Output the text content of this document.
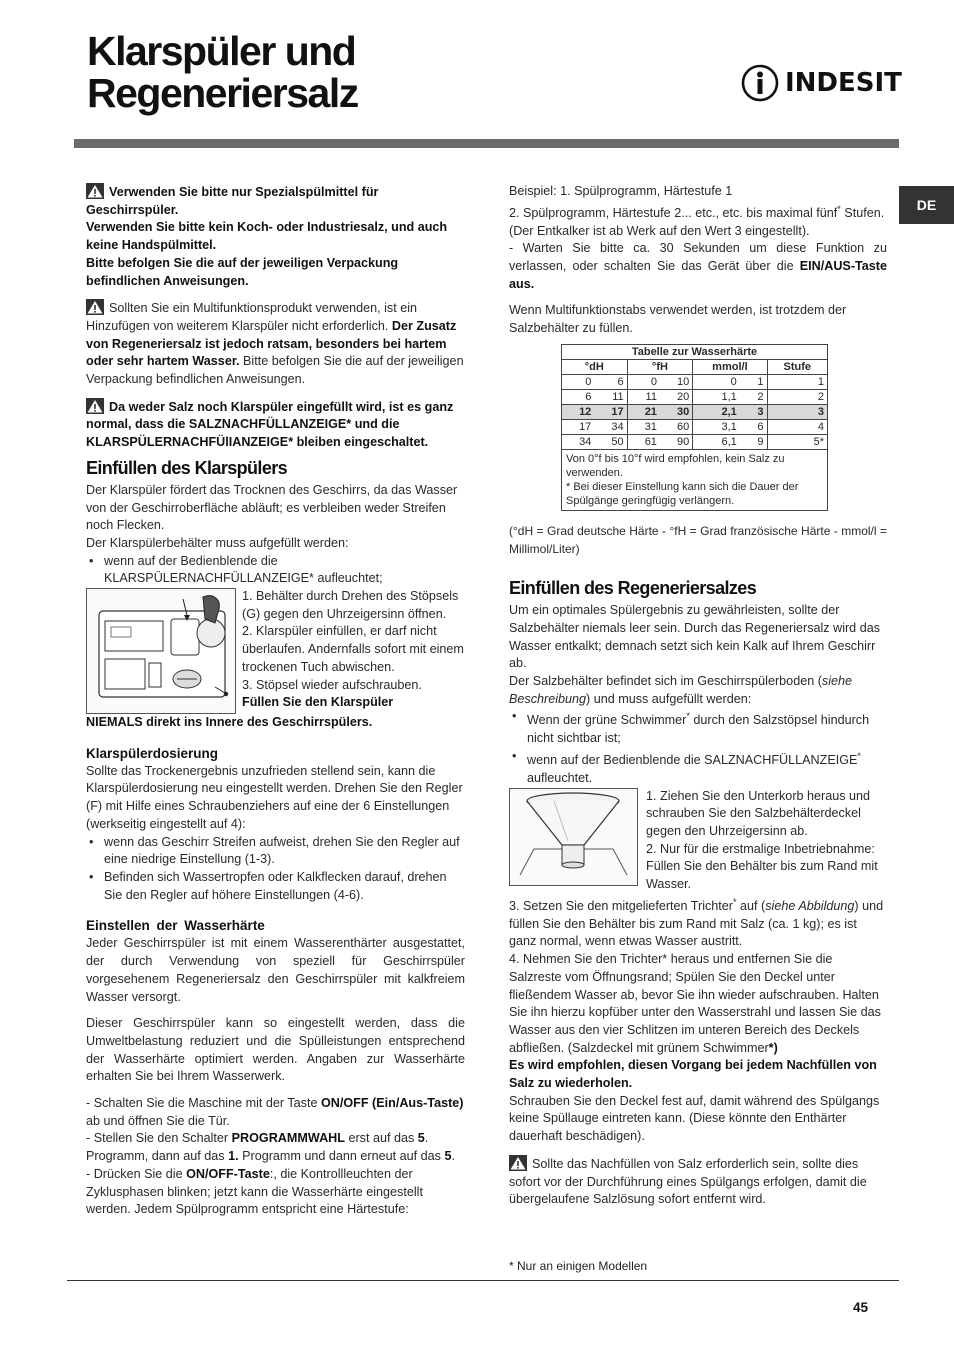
Klarspüler und
Regeneriersalz	INDESIT
DE

Verwenden Sie bitte nur Spezialspülmittel für Geschirrspüler.
Verwenden Sie bitte kein Koch- oder Industriesalz, und auch keine Handspülmittel.
Bitte befolgen Sie die auf der jeweiligen Verpackung befindlichen Anweisungen.

Sollten Sie ein Multifunktionsprodukt verwenden, ist ein Hinzufügen von weiterem Klarspüler nicht erforderlich. Der Zusatz von Regeneriersalz ist jedoch ratsam, besonders bei hartem oder sehr hartem Wasser. Bitte befolgen Sie die auf der jeweiligen Verpackung befindlichen Anweisungen.

Da weder Salz noch Klarspüler eingefüllt wird, ist es ganz normal, dass die SALZNACHFÜLLANZEIGE* und die KLARSPÜLERNACHFÜlIANZEIGE* bleiben eingeschaltet.

Einfüllen des Klarspülers

Der Klarspüler fördert das Trocknen des Geschirrs, da das Wasser von der Geschirroberfläche abläuft; es verbleiben weder Streifen noch Flecken.

Der Klarspülerbehälter muss aufgefüllt werden:

• wenn auf der Bedienblende die KLARSPÜLERNACHFÜLLANZEIGE* aufleuchtet;

1. Behälter durch Drehen des Stöpsels (G) gegen den Uhrzeigersinn öffnen.

2. Klarspüler einfüllen, er darf nicht überlaufen. Andernfalls sofort mit einem trockenen Tuch abwischen.

3. Stöpsel wieder aufschrauben.

Füllen Sie den Klarspüler

NIEMALS direkt ins Innere des Geschirrspülers.

Klarspülerdosierung

Sollte das Trockenergebnis unzufrieden stellend sein, kann die Klarspülerdosierung neu eingestellt werden. Drehen Sie den Regler (F) mit Hilfe eines Schraubenziehers auf eine der 6 Einstellungen (werkseitig eingestellt auf 4):

• wenn das Geschirr Streifen aufweist, drehen Sie den Regler auf eine niedrige Einstellung (1-3).
• Befinden sich Wassertropfen oder Kalkflecken darauf, drehen Sie den Regler auf höhere Einstellungen (4-6).
Einstellen der Wasserhärte

Jeder Geschirrspüler ist mit einem Wasserenthärter ausgestattet, der durch Verwendung von speziell für Geschirrspüler vorgesehenem Regeneriersalz den Geschirrspüler mit kalkfreiem Wasser versorgt.

Dieser Geschirrspüler kann so eingestellt werden, dass die Umweltbelastung reduziert und die Spülleistungen entsprechend der Wasserhärte optimiert werden. Angaben zur Wasserhärte erhalten Sie bei Ihrem Wasserwerk.

- Schalten Sie die Maschine mit der Taste ON/OFF (Ein/Aus-Taste) ab und öffnen Sie die Tür.

- Stellen Sie den Schalter PROGRAMMWAHL erst auf das 5. Programm, dann auf das 1. Programm und dann erneut auf das 5.

- Drücken Sie die ON/OFF-Taste:, die Kontrollleuchten der Zyklusphasen blinken; jetzt kann die Wasserhärte eingestellt werden. Jedem Spülprogramm entspricht eine Härtestufe:

Beispiel: 1. Spülprogramm, Härtestufe 1

2. Spülprogramm, Härtestufe 2... etc., etc. bis maximal fünf* Stufen.

(Der Entkalker ist ab Werk auf den Wert 3 eingestellt).

- Warten Sie bitte ca. 30 Sekunden um diese Funktion zu verlassen, oder schalten Sie das Gerät über die EIN/AUS-Taste aus.

Wenn Multifunktionstabs verwendet werden, ist trotzdem der Salzbehälter zu füllen.

Tabelle zur Wasserhärte						
°dH		°fH		mmol/l		Stufe
0	6	0	10	0	1	1
6	11	11	20	1,1	2	2
12	17	21	30	2,1	3	3
17	34	31	60	3,1	6	4
34	50	61	90	6,1	9	5*
Von 0°f bis 10°f wird empfohlen, kein Salz zu verwenden.
* Bei dieser Einstellung kann sich die Dauer der Spülgänge geringfügig verlängern.						

(°dH = Grad deutsche Härte - °fH = Grad französische Härte - mmol/l = Millimol/Liter)

Einfüllen des Regeneriersalzes

Um ein optimales Spülergebnis zu gewährleisten, sollte der Salzbehälter niemals leer sein. Durch das Regeneriersalz wird das Wasser entkalkt; demnach setzt sich kein Kalk auf Ihrem Geschirr ab.

Der Salzbehälter befindet sich im Geschirrspülerboden (siehe Beschreibung) und muss aufgefüllt werden:

• Wenn der grüne Schwimmer* durch den Salzstöpsel hindurch nicht sichtbar ist;
• wenn auf der Bedienblende die SALZNACHFÜLLANZEIGE* aufleuchtet.

1. Ziehen Sie den Unterkorb heraus und schrauben Sie den Salzbehälterdeckel gegen den Uhrzeigersinn ab.

2. Nur für die erstmalige Inbetriebnahme: Füllen Sie den Behälter bis zum Rand mit Wasser.

3. Setzen Sie den mitgelieferten Trichter* auf (siehe Abbildung) und füllen Sie den Behälter bis zum Rand mit Salz (ca. 1 kg); es ist ganz normal, wenn etwas Wasser austritt.

4. Nehmen Sie den Trichter* heraus und entfernen Sie die Salzreste vom Öffnungsrand; Spülen Sie den Deckel unter fließendem Wasser ab, bevor Sie ihn wieder aufschrauben. Halten Sie ihn hierzu kopfüber unter den Wasserstrahl und lassen Sie das Wasser aus den vier Schlitzen im unteren Bereich des Deckels abfließen. (Salzdeckel mit grünem Schwimmer*)

Es wird empfohlen, diesen Vorgang bei jedem Nachfüllen von Salz zu wiederholen.

Schrauben Sie den Deckel fest auf, damit während des Spülgangs keine Spüllauge eintreten kann. (Diese könnte den Enthärter dauerhaft beschädigen).

Sollte das Nachfüllen von Salz erforderlich sein, sollte dies sofort vor der Durchführung eines Spülgangs erfolgen, damit die übergelaufene Salzlösung sofort entfernt wird.

* Nur an einigen Modellen
45
